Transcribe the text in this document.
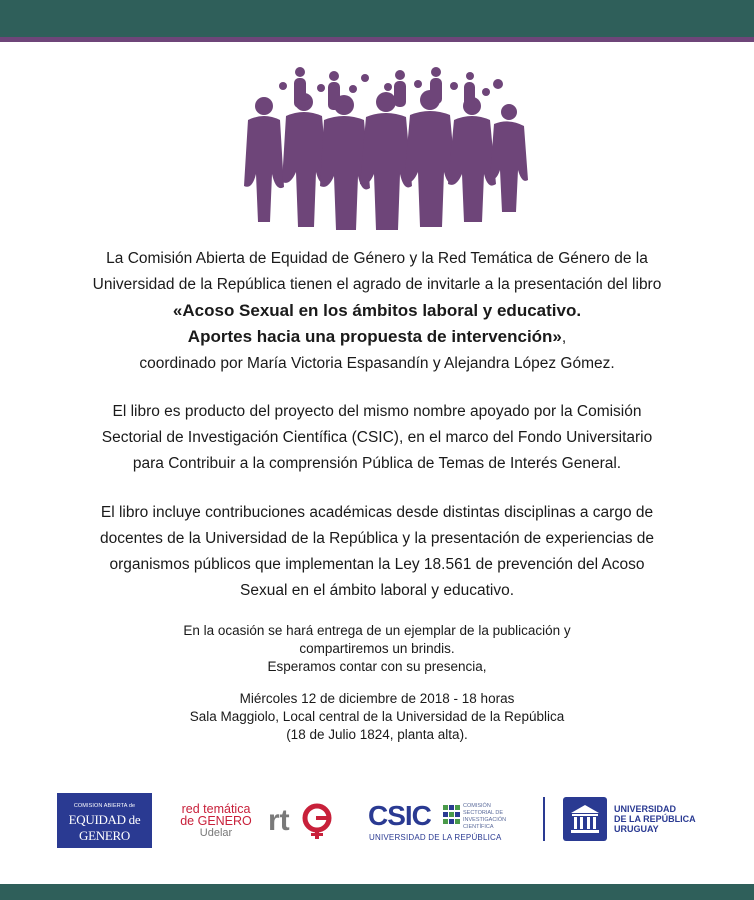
La Comisión Abierta de Equidad de Género y la Red Temática de Género de la
Universidad de la República tienen el agrado de invitarle a la presentación del libro
«Acoso Sexual en los ámbitos laboral y educativo.
Aportes hacia una propuesta de intervención»,
coordinado por María Victoria Espasandín y Alejandra López Gómez.
El libro es producto del proyecto del mismo nombre apoyado por la Comisión
Sectorial de Investigación Científica (CSIC), en el marco del Fondo Universitario
para Contribuir a la comprensión Pública de Temas de Interés General.
El libro incluye contribuciones académicas desde distintas disciplinas a cargo de
docentes de la Universidad de la República y la presentación de experiencias de
organismos públicos que implementan la Ley 18.561 de prevención del Acoso
Sexual en el ámbito laboral y educativo.
En la ocasión se hará entrega de un ejemplar de la publicación y
compartiremos un brindis.
Esperamos contar con su presencia,
Miércoles 12 de diciembre de 2018 - 18 horas
Sala Maggiolo, Local central de la Universidad de la República
(18 de Julio 1824, planta alta).
COMISION ABIERTA de
EQUIDAD de GENERO
red temática
de GENERO
Udelar	rt	CSIC	COMISIÓN
SECTORIAL DE
INVESTIGACIÓN
CIENTÍFICA
UNIVERSIDAD DE LA REPÚBLICA
UNIVERSIDAD
DE LA REPÚBLICA
URUGUAY
